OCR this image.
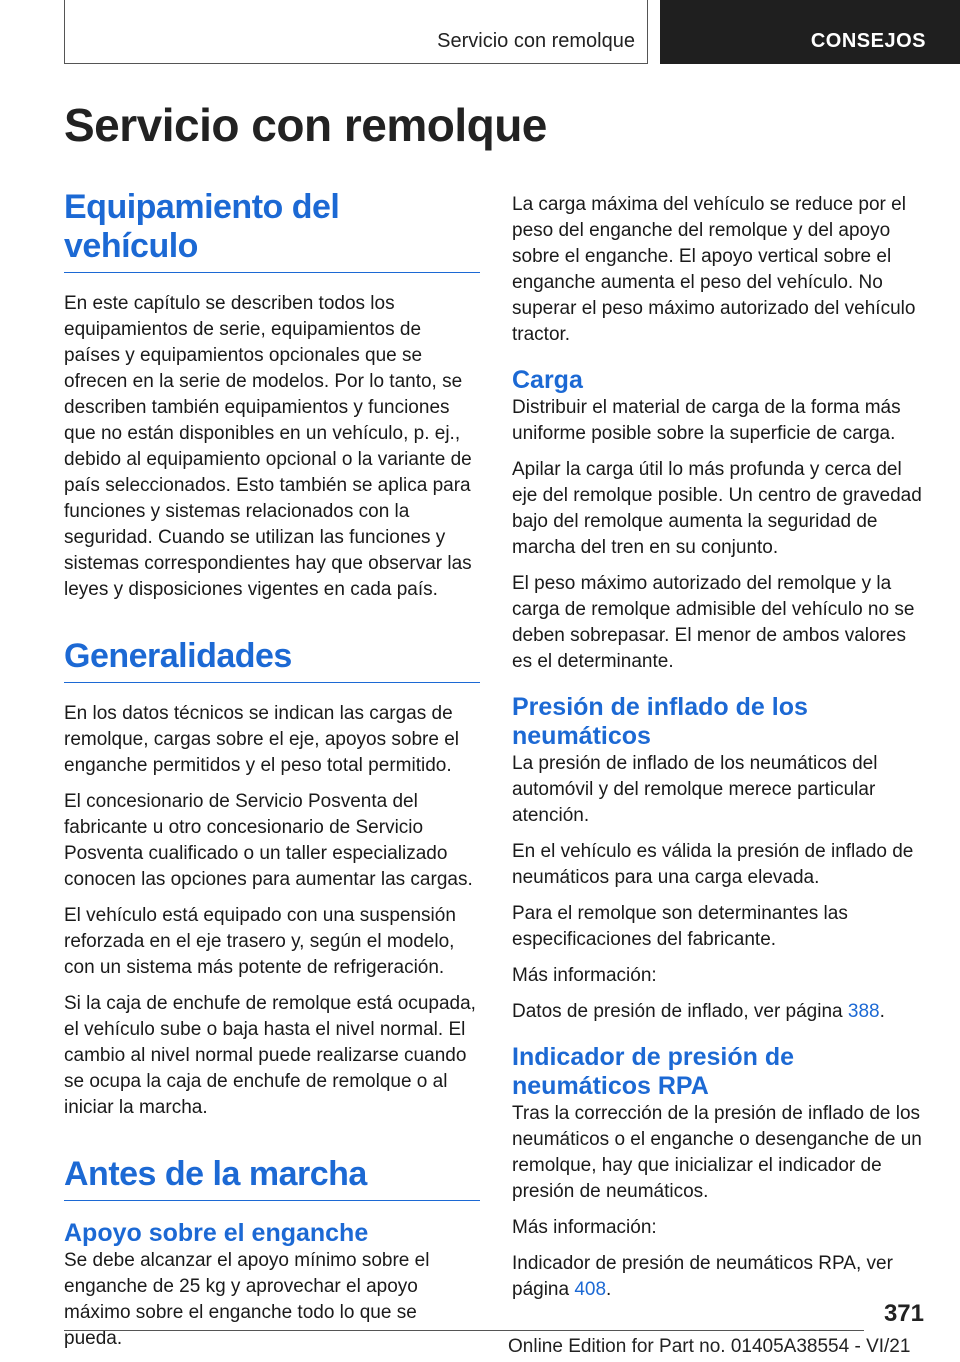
Servicio con remolque	CONSEJOS
Servicio con remolque
Equipamiento del vehículo

En este capítulo se describen todos los equipamientos de serie, equipamientos de países y equipamientos opcionales que se ofrecen en la serie de modelos. Por lo tanto, se describen también equipamientos y funciones que no están disponibles en un vehículo, p. ej., debido al equipamiento opcional o la variante de país seleccionados. Esto también se aplica para funciones y sistemas relacionados con la seguridad. Cuando se utilizan las funciones y sistemas correspondientes hay que observar las leyes y disposiciones vigentes en cada país.

Generalidades

En los datos técnicos se indican las cargas de remolque, cargas sobre el eje, apoyos sobre el enganche permitidos y el peso total permitido.

El concesionario de Servicio Posventa del fabricante u otro concesionario de Servicio Posventa cualificado o un taller especializado conocen las opciones para aumentar las cargas.

El vehículo está equipado con una suspensión reforzada en el eje trasero y, según el modelo, con un sistema más potente de refrigeración.

Si la caja de enchufe de remolque está ocupada, el vehículo sube o baja hasta el nivel normal. El cambio al nivel normal puede realizarse cuando se ocupa la caja de enchufe de remolque o al iniciar la marcha.

Antes de la marcha
Apoyo sobre el enganche

Se debe alcanzar el apoyo mínimo sobre el enganche de 25 kg y aprovechar el apoyo máximo sobre el enganche todo lo que se pueda.

La carga máxima del vehículo se reduce por el peso del enganche del remolque y del apoyo sobre el enganche. El apoyo vertical sobre el enganche aumenta el peso del vehículo. No superar el peso máximo autorizado del vehículo tractor.

Carga

Distribuir el material de carga de la forma más uniforme posible sobre la superficie de carga.

Apilar la carga útil lo más profunda y cerca del eje del remolque posible. Un centro de gravedad bajo del remolque aumenta la seguridad de marcha del tren en su conjunto.

El peso máximo autorizado del remolque y la carga de remolque admisible del vehículo no se deben sobrepasar. El menor de ambos valores es el determinante.

Presión de inflado de los neumáticos

La presión de inflado de los neumáticos del automóvil y del remolque merece particular atención.

En el vehículo es válida la presión de inflado de neumáticos para una carga elevada.

Para el remolque son determinantes las especificaciones del fabricante.

Más información:

Datos de presión de inflado, ver página 388.

Indicador de presión de neumáticos RPA

Tras la corrección de la presión de inflado de los neumáticos o el enganche o desenganche de un remolque, hay que inicializar el indicador de presión de neumáticos.

Más información:

Indicador de presión de neumáticos RPA, ver página 408.

371
Online Edition for Part no. 01405A38554 - VI/21
